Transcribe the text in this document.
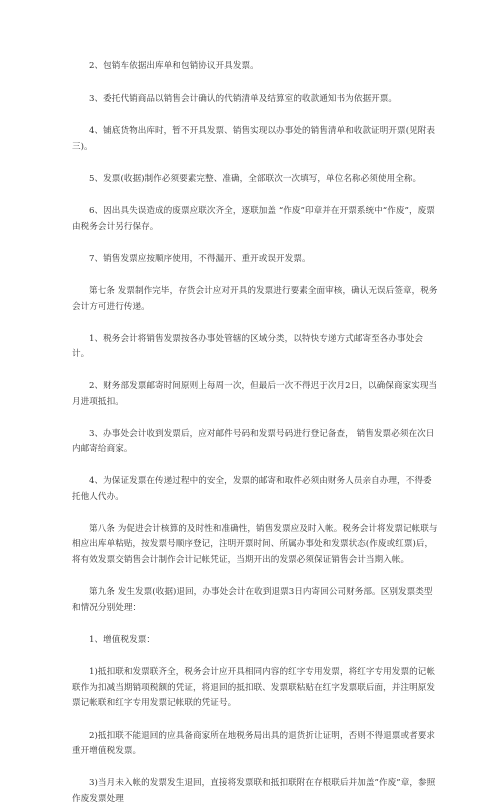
2、包销车依据出库单和包销协议开具发票。

3、委托代销商品以销售会计确认的代销清单及结算室的收款通知书为依据开票。

4、铺底货物出库时，暂不开具发票、销售实现以办事处的销售清单和收款证明开票(见附表三)。

5、发票(收据)制作必须要素完整、准确，全部联次一次填写，单位名称必须使用全称。

6、因出具失误造成的废票应联次齐全，逐联加盖 “作废”印章并在开票系统中“作废”，废票由税务会计另行保存。

7、销售发票应按顺序使用，不得漏开、重开或误开发票。

第七条 发票制作完毕，存货会计应对开具的发票进行要素全面审核，确认无误后签章，税务会计方可进行传递。

1、税务会计将销售发票按各办事处管辖的区域分类，以特快专递方式邮寄至各办事处会计。

2、财务部发票邮寄时间原则上每周一次，但最后一次不得迟于次月2日，以确保商家实现当月进项抵扣。

3、办事处会计收到发票后，应对邮件号码和发票号码进行登记备查， 销售发票必须在次日内邮寄给商家。

4、为保证发票在传递过程中的安全，发票的邮寄和取件必须由财务人员亲自办理，不得委托他人代办。

第八条 为促进会计核算的及时性和准确性，销售发票应及时入帐。税务会计将发票记帐联与相应出库单粘贴，按发票号顺序登记，注明开票时间、所属办事处和发票状态(作废或红票)后，将有效发票交销售会计制作会计记帐凭证，当期开出的发票必须保证销售会计当期入帐。

第九条 发生发票(收据)退回，办事处会计在收到退票3日内寄回公司财务部。区别发票类型和情况分别处理：

1、增值税发票：

1)抵扣联和发票联齐全，税务会计应开具相同内容的红字专用发票，将红字专用发票的记帐联作为扣减当期销项税额的凭证，将退回的抵扣联、发票联粘贴在红字发票联后面，并注明原发票记帐联和红字专用发票记帐联的凭证号。

2)抵扣联不能退回的应具备商家所在地税务局出具的退货折让证明，否则不得退票或者要求重开增值税发票。

3)当月未入帐的发票发生退回，直接将发票联和抵扣联附在存根联后并加盖”作废”章，参照作废发票处理
